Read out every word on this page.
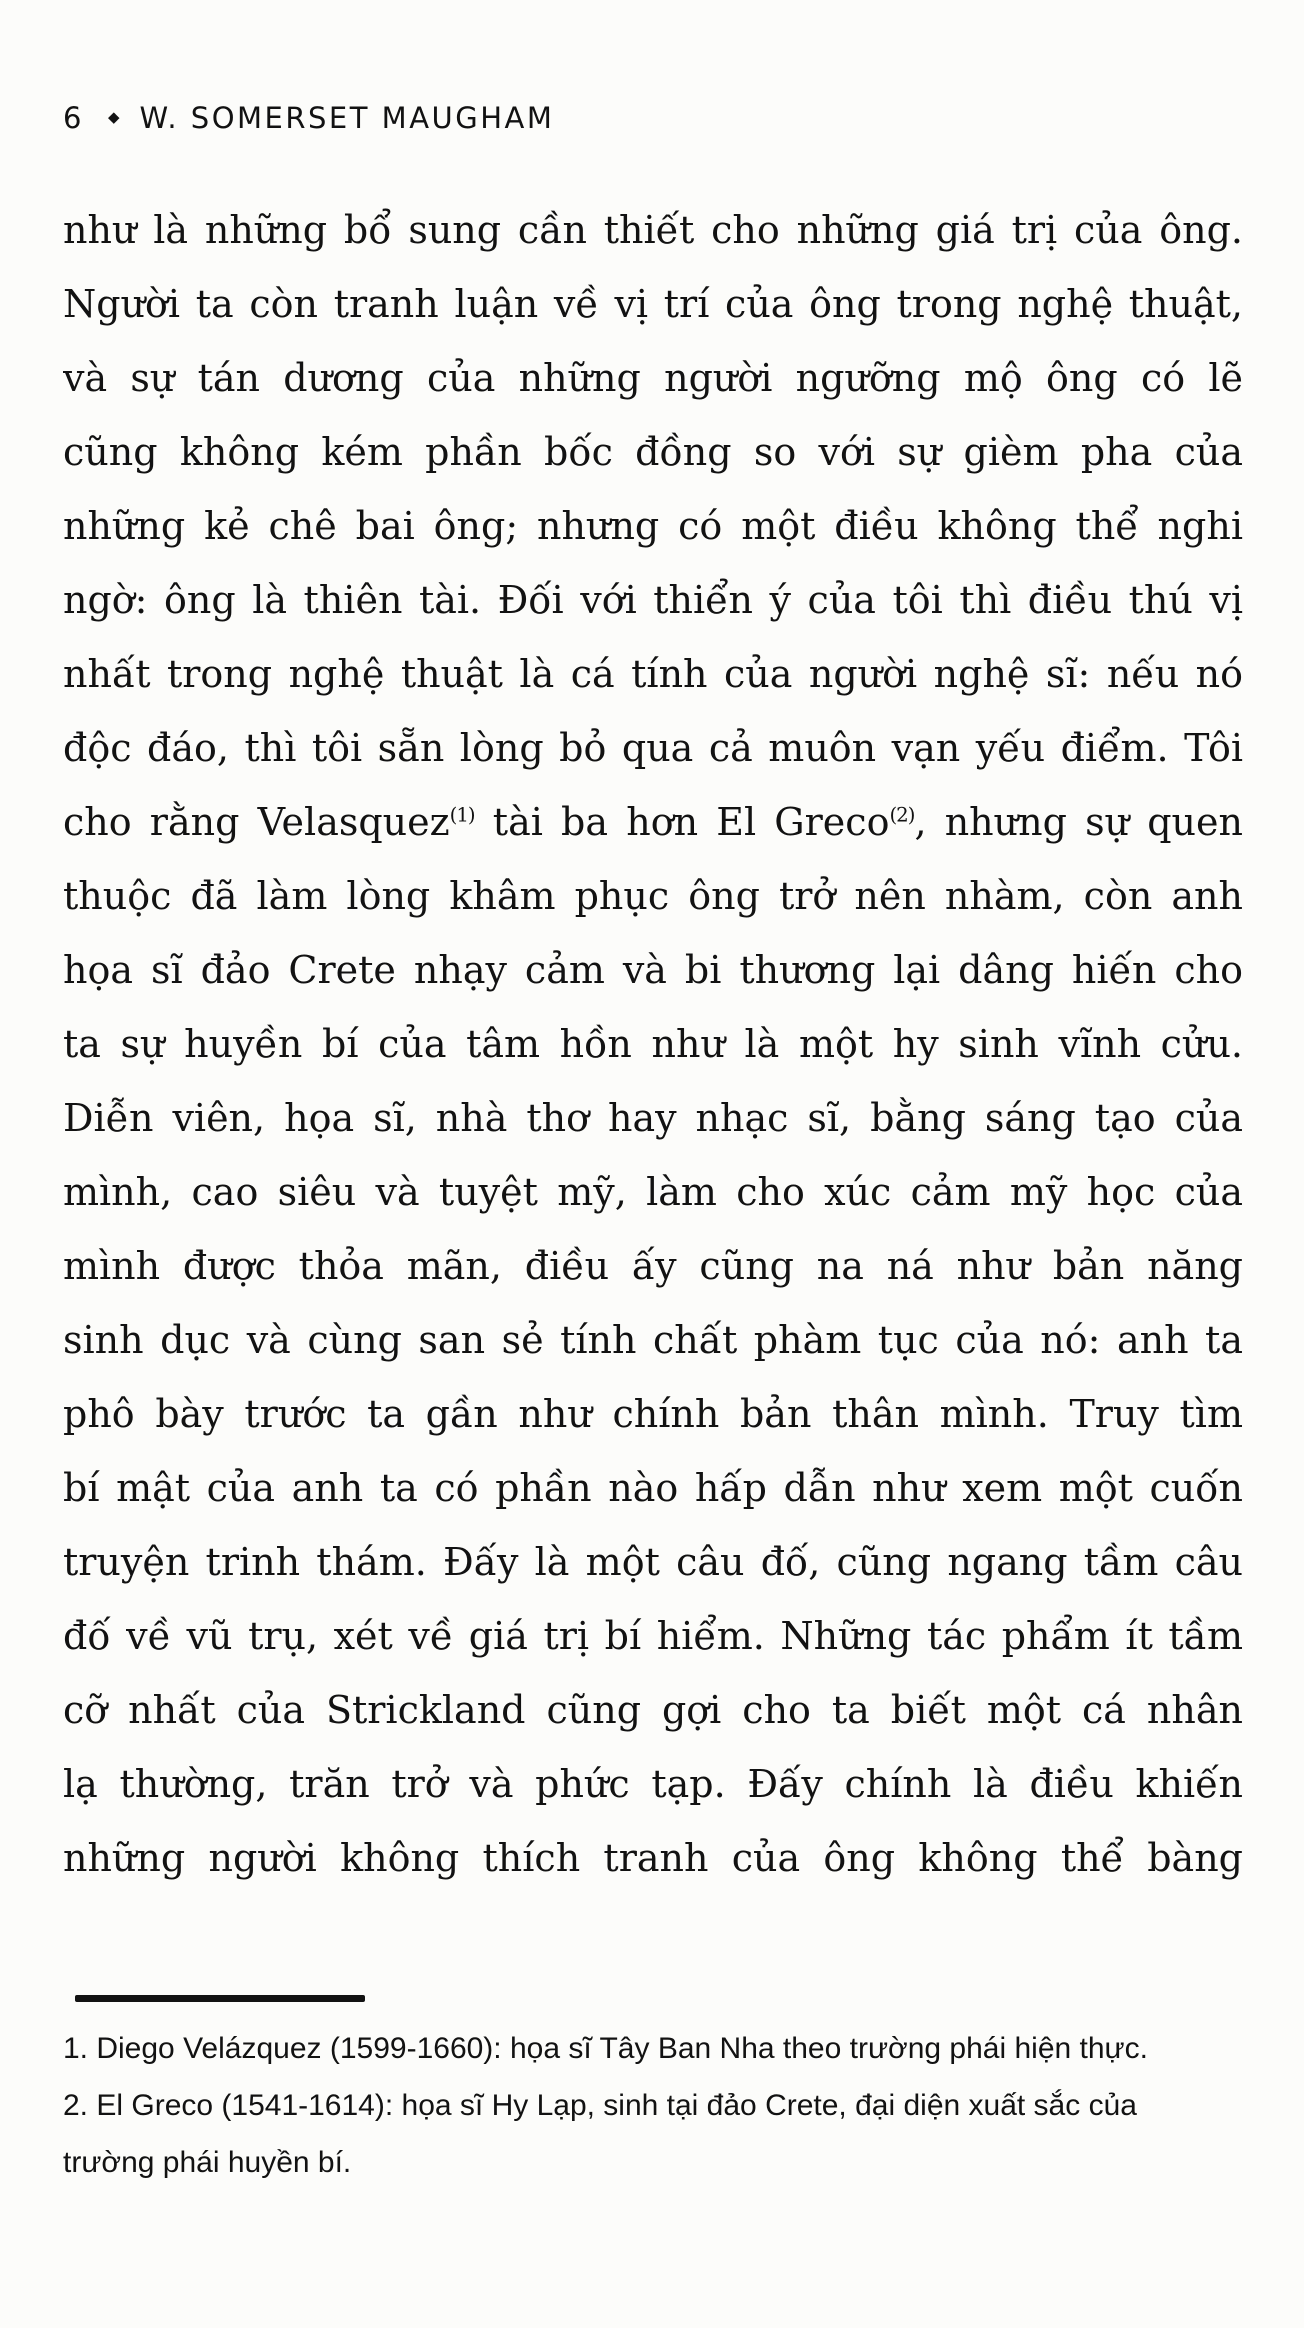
6 ◆ W. SOMERSET MAUGHAM
như là những bổ sung cần thiết cho những giá trị của ông.
Người ta còn tranh luận về vị trí của ông trong nghệ thuật,
và sự tán dương của những người ngưỡng mộ ông có lẽ
cũng không kém phần bốc đồng so với sự gièm pha của
những kẻ chê bai ông; nhưng có một điều không thể nghi
ngờ: ông là thiên tài. Đối với thiển ý của tôi thì điều thú vị
nhất trong nghệ thuật là cá tính của người nghệ sĩ: nếu nó
độc đáo, thì tôi sẵn lòng bỏ qua cả muôn vạn yếu điểm. Tôi
cho rằng Velasquez$^{(1)}$ tài ba hơn El Greco$^{(2)}$, nhưng sự quen
thuộc đã làm lòng khâm phục ông trở nên nhàm, còn anh
họa sĩ đảo Crete nhạy cảm và bi thương lại dâng hiến cho
ta sự huyền bí của tâm hồn như là một hy sinh vĩnh cửu.
Diễn viên, họa sĩ, nhà thơ hay nhạc sĩ, bằng sáng tạo của
mình, cao siêu và tuyệt mỹ, làm cho xúc cảm mỹ học của
mình được thỏa mãn, điều ấy cũng na ná như bản năng
sinh dục và cùng san sẻ tính chất phàm tục của nó: anh ta
phô bày trước ta gần như chính bản thân mình. Truy tìm
bí mật của anh ta có phần nào hấp dẫn như xem một cuốn
truyện trinh thám. Đấy là một câu đố, cũng ngang tầm câu
đố về vũ trụ, xét về giá trị bí hiểm. Những tác phẩm ít tầm
cỡ nhất của Strickland cũng gợi cho ta biết một cá nhân
lạ thường, trăn trở và phức tạp. Đấy chính là điều khiến
những người không thích tranh của ông không thể bàng
1. Diego Velázquez (1599-1660): họa sĩ Tây Ban Nha theo trường phái hiện thực.
2. El Greco (1541-1614): họa sĩ Hy Lạp, sinh tại đảo Crete, đại diện xuất sắc của
trường phái huyền bí.
